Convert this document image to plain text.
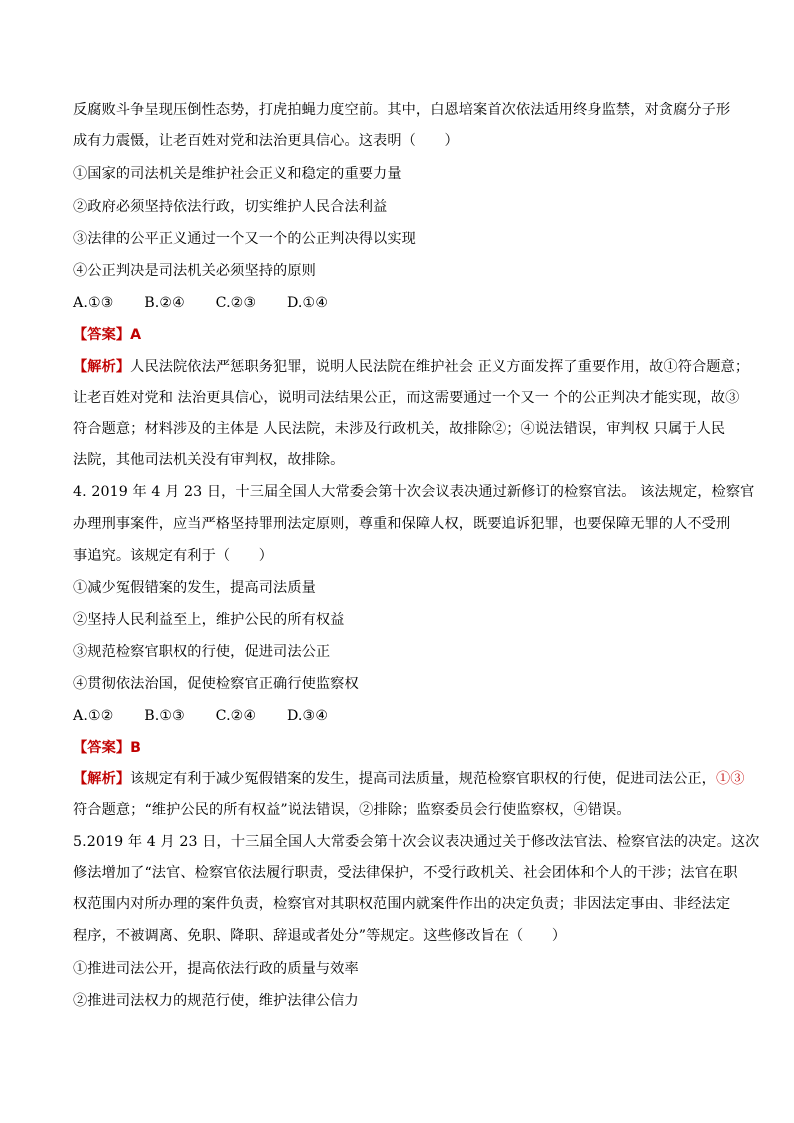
反腐败斗争呈现压倒性态势，打虎拍蝇力度空前。其中，白恩培案首次依法适用终身监禁，对贪腐分子形
成有力震慑，让老百姓对党和法治更具信心。这表明（　　）
①国家的司法机关是维护社会正义和稳定的重要力量
②政府必须坚持依法行政，切实维护人民合法利益
③法律的公平正义通过一个又一个的公正判决得以实现
④公正判决是司法机关必须坚持的原则
A.①③ B.②④ C.②③ D.①④
【答案】A
【解析】人民法院依法严惩职务犯罪，说明人民法院在维护社会 正义方面发挥了重要作用，故①符合题意；
让老百姓对党和 法治更具信心，说明司法结果公正，而这需要通过一个又一 个的公正判决才能实现，故③
符合题意；材料涉及的主体是 人民法院，未涉及行政机关，故排除②；④说法错误，审判权 只属于人民
法院，其他司法机关没有审判权，故排除。
4. 2019 年 4 月 23 日，十三届全国人大常委会第十次会议表决通过新修订的检察官法。 该法规定，检察官
办理刑事案件，应当严格坚持罪刑法定原则，尊重和保障人权，既要追诉犯罪，也要保障无罪的人不受刑
事追究。该规定有利于（　　）
①减少冤假错案的发生，提高司法质量
②坚持人民利益至上，维护公民的所有权益
③规范检察官职权的行使，促进司法公正
④贯彻依法治国，促使检察官正确行使监察权
A.①② B.①③ C.②④ D.③④
【答案】B
【解析】该规定有利于减少冤假错案的发生，提高司法质量，规范检察官职权的行使，促进司法公正，①③
符合题意；“维护公民的所有权益”说法错误，②排除；监察委员会行使监察权，④错误。
5.2019 年 4 月 23 日，十三届全国人大常委会第十次会议表决通过关于修改法官法、检察官法的决定。这次
修法增加了“法官、检察官依法履行职责，受法律保护，不受行政机关、社会团体和个人的干涉；法官在职
权范围内对所办理的案件负责，检察官对其职权范围内就案件作出的决定负责；非因法定事由、非经法定
程序，不被调离、免职、降职、辞退或者处分”等规定。这些修改旨在（　　）
①推进司法公开，提高依法行政的质量与效率
②推进司法权力的规范行使，维护法律公信力
